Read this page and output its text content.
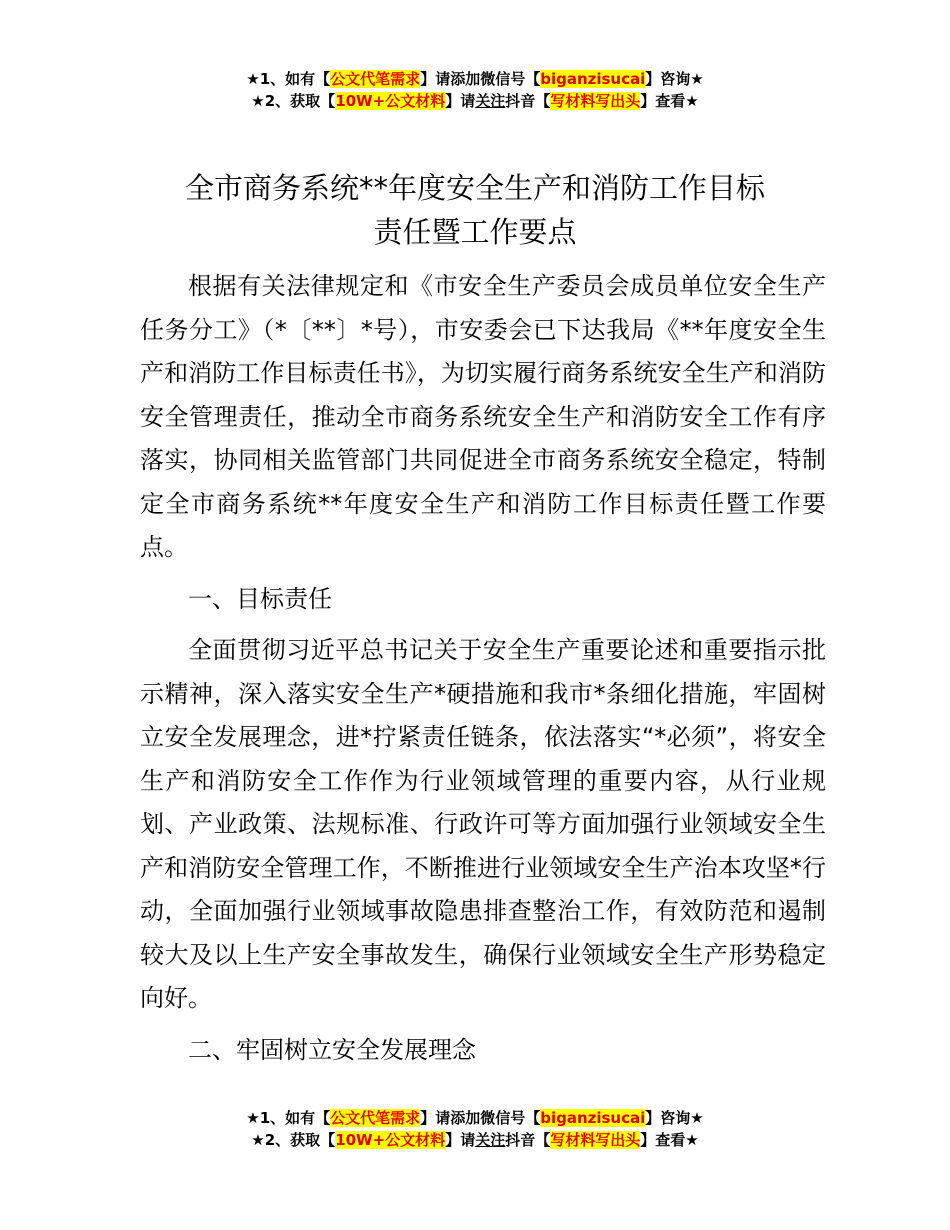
★1、如有【公文代笔需求】请添加微信号【biganzisucai】咨询★
★2、获取【10W+公文材料】请关注抖音【写材料写出头】查看★
全市商务系统**年度安全生产和消防工作目标
责任暨工作要点

根据有关法律规定和《市安全生产委员会成员单位安全生产任务分工》（*〔**〕*号），市安委会已下达我局《**年度安全生产和消防工作目标责任书》，为切实履行商务系统安全生产和消防安全管理责任，推动全市商务系统安全生产和消防安全工作有序落实，协同相关监管部门共同促进全市商务系统安全稳定，特制定全市商务系统**年度安全生产和消防工作目标责任暨工作要点。

一、目标责任

全面贯彻习近平总书记关于安全生产重要论述和重要指示批示精神，深入落实安全生产*硬措施和我市*条细化措施，牢固树立安全发展理念，进*拧紧责任链条，依法落实“*必须”，将安全生产和消防安全工作作为行业领域管理的重要内容，从行业规划、产业政策、法规标准、行政许可等方面加强行业领域安全生产和消防安全管理工作，不断推进行业领域安全生产治本攻坚*行动，全面加强行业领域事故隐患排查整治工作，有效防范和遏制较大及以上生产安全事故发生，确保行业领域安全生产形势稳定向好。

二、牢固树立安全发展理念

★1、如有【公文代笔需求】请添加微信号【biganzisucai】咨询★
★2、获取【10W+公文材料】请关注抖音【写材料写出头】查看★
